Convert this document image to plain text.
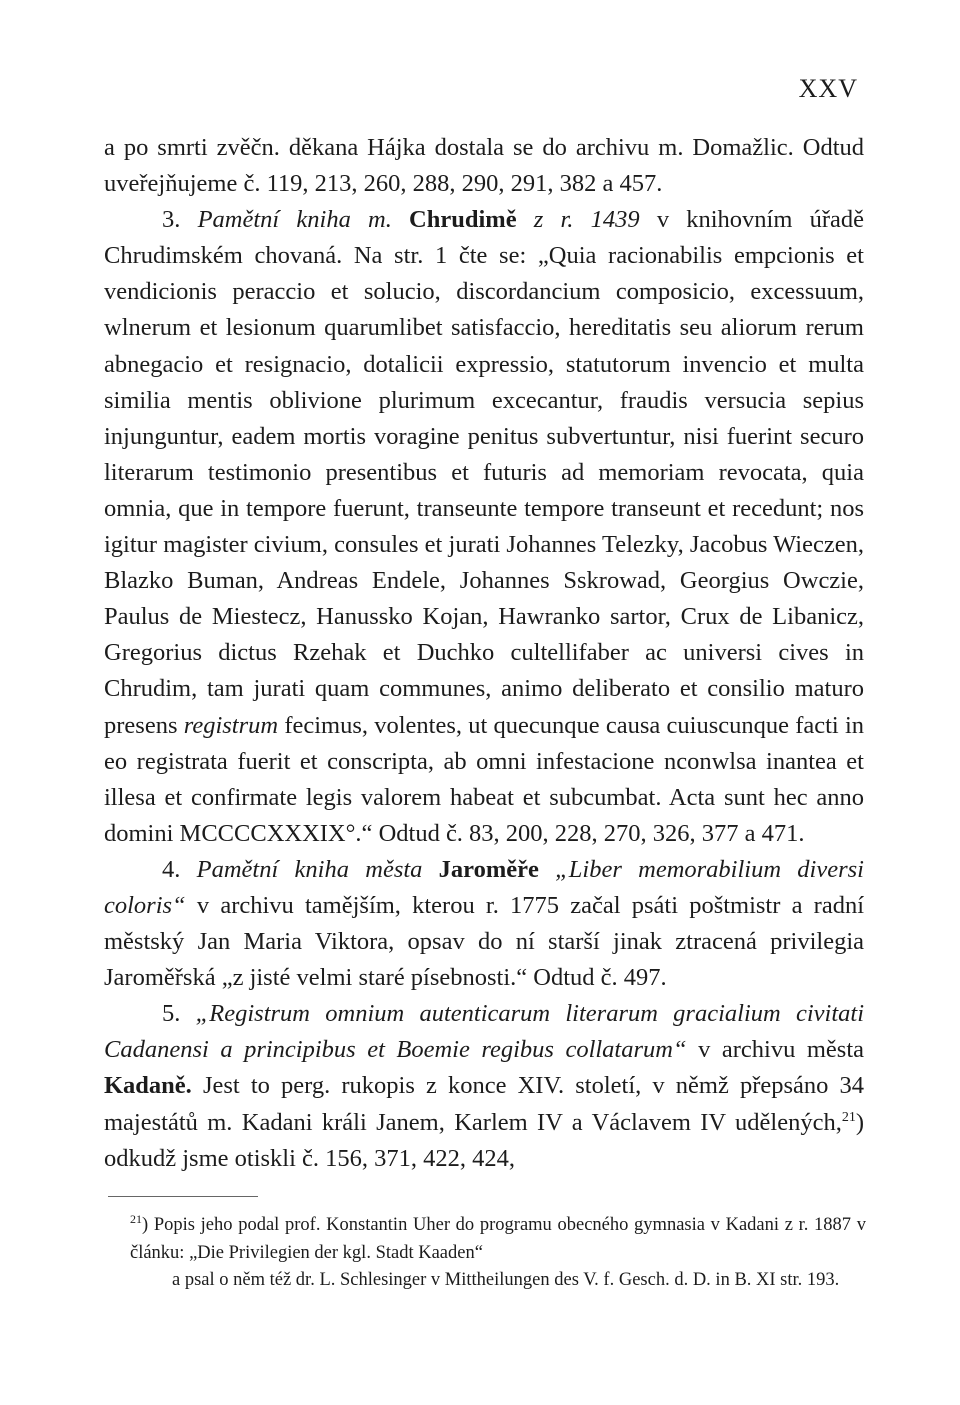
XXV

a po smrti zvěčn. děkana Hájka dostala se do archivu m. Domažlic. Odtud uveřejňujeme č. 119, 213, 260, 288, 290, 291, 382 a 457.

3. Pamětní kniha m. Chrudimě z r. 1439 v knihovním úřadě Chrudimském chovaná. Na str. 1 čte se: „Quia racionabilis empcionis et vendicionis peraccio et solucio, discordancium composicio, excessuum, wlnerum et lesionum quarumlibet satisfaccio, hereditatis seu aliorum rerum abnegacio et resignacio, dotalicii expressio, statutorum invencio et multa similia mentis oblivione plurimum excecantur, fraudis versucia sepius injunguntur, eadem mortis voragine penitus subvertuntur, nisi fuerint securo literarum testimonio presentibus et futuris ad memoriam revocata, quia omnia, que in tempore fuerunt, transeunte tempore transeunt et recedunt; nos igitur magister civium, consules et jurati Johannes Telezky, Jacobus Wieczen, Blazko Buman, Andreas Endele, Johannes Sskrowad, Georgius Owczie, Paulus de Miestecz, Hanussko Kojan, Hawranko sartor, Crux de Libanicz, Gregorius dictus Rzehak et Duchko cultellifaber ac universi cives in Chrudim, tam jurati quam communes, animo deliberato et consilio maturo presens registrum fecimus, volentes, ut quecunque causa cuiuscunque facti in eo registrata fuerit et conscripta, ab omni infestacione nconwlsa inantea et illesa et confirmate legis valorem habeat et subcumbat. Acta sunt hec anno domini MCCCCXXXIX°.“ Odtud č. 83, 200, 228, 270, 326, 377 a 471.

4. Pamětní kniha města Jaroměře „Liber memorabilium diversi coloris“ v archivu tamějším, kterou r. 1775 začal psáti poštmistr a radní městský Jan Maria Viktora, opsav do ní starší jinak ztracená privilegia Jaroměřská „z jisté velmi staré písebnosti.“ Odtud č. 497.

5. „Registrum omnium autenticarum literarum gracialium civitati Cadanensi a principibus et Boemie regibus collatarum“ v archivu města Kadaně. Jest to perg. rukopis z konce XIV. století, v němž přepsáno 34 majestátů m. Kadani králi Janem, Karlem IV a Václavem IV udělených,$^{21}$) odkudž jsme otiskli č. 156, 371, 422, 424,

$^{21}$) Popis jeho podal prof. Konstantin Uher do programu obecného gymnasia v Kadani z r. 1887 v článku: „Die Privilegien der kgl. Stadt Kaaden“
a psal o něm též dr. L. Schlesinger v Mittheilungen des V. f. Gesch. d. D. in B. XI str. 193.
